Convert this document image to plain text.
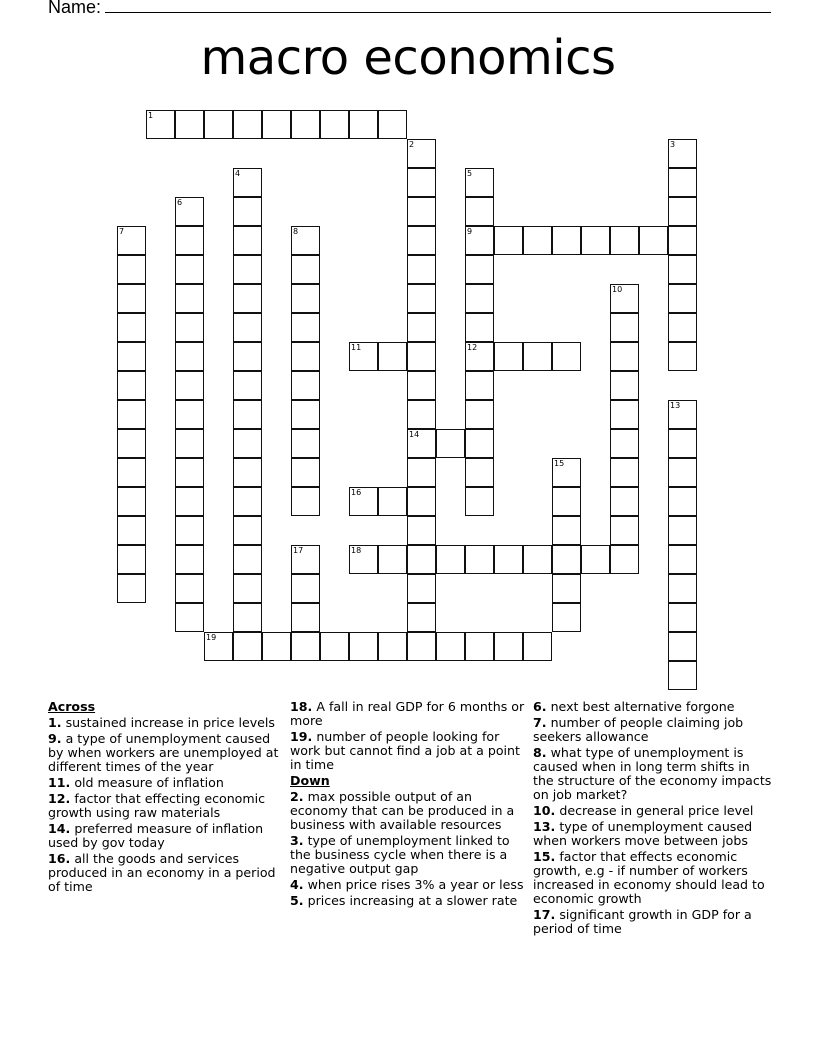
Name:
macro economics
1
2
14
3
4	5
9
12
6
7	8
10
11
13
15
16
17	18
19
Across
1. sustained increase in price levels
9. a type of unemployment caused by when workers are unemployed at different times of the year
11. old measure of inflation
12. factor that effecting economic growth using raw materials
14. preferred measure of inflation used by gov today
16. all the goods and services produced in an economy in a period of time
18. A fall in real GDP for 6 months or more
19. number of people looking for work but cannot find a job at a point in time
Down
2. max possible output of an economy that can be produced in a business with available resources
3. type of unemployment linked to the business cycle when there is a negative output gap
4. when price rises 3% a year or less
5. prices increasing at a slower rate
6. next best alternative forgone
7. number of people claiming job seekers allowance
8. what type of unemployment is caused when in long term shifts in the structure of the economy impacts on job market?
10. decrease in general price level
13. type of unemployment caused when workers move between jobs
15. factor that effects economic growth, e.g - if number of workers increased in economy should lead to economic growth
17. significant growth in GDP for a period of time
